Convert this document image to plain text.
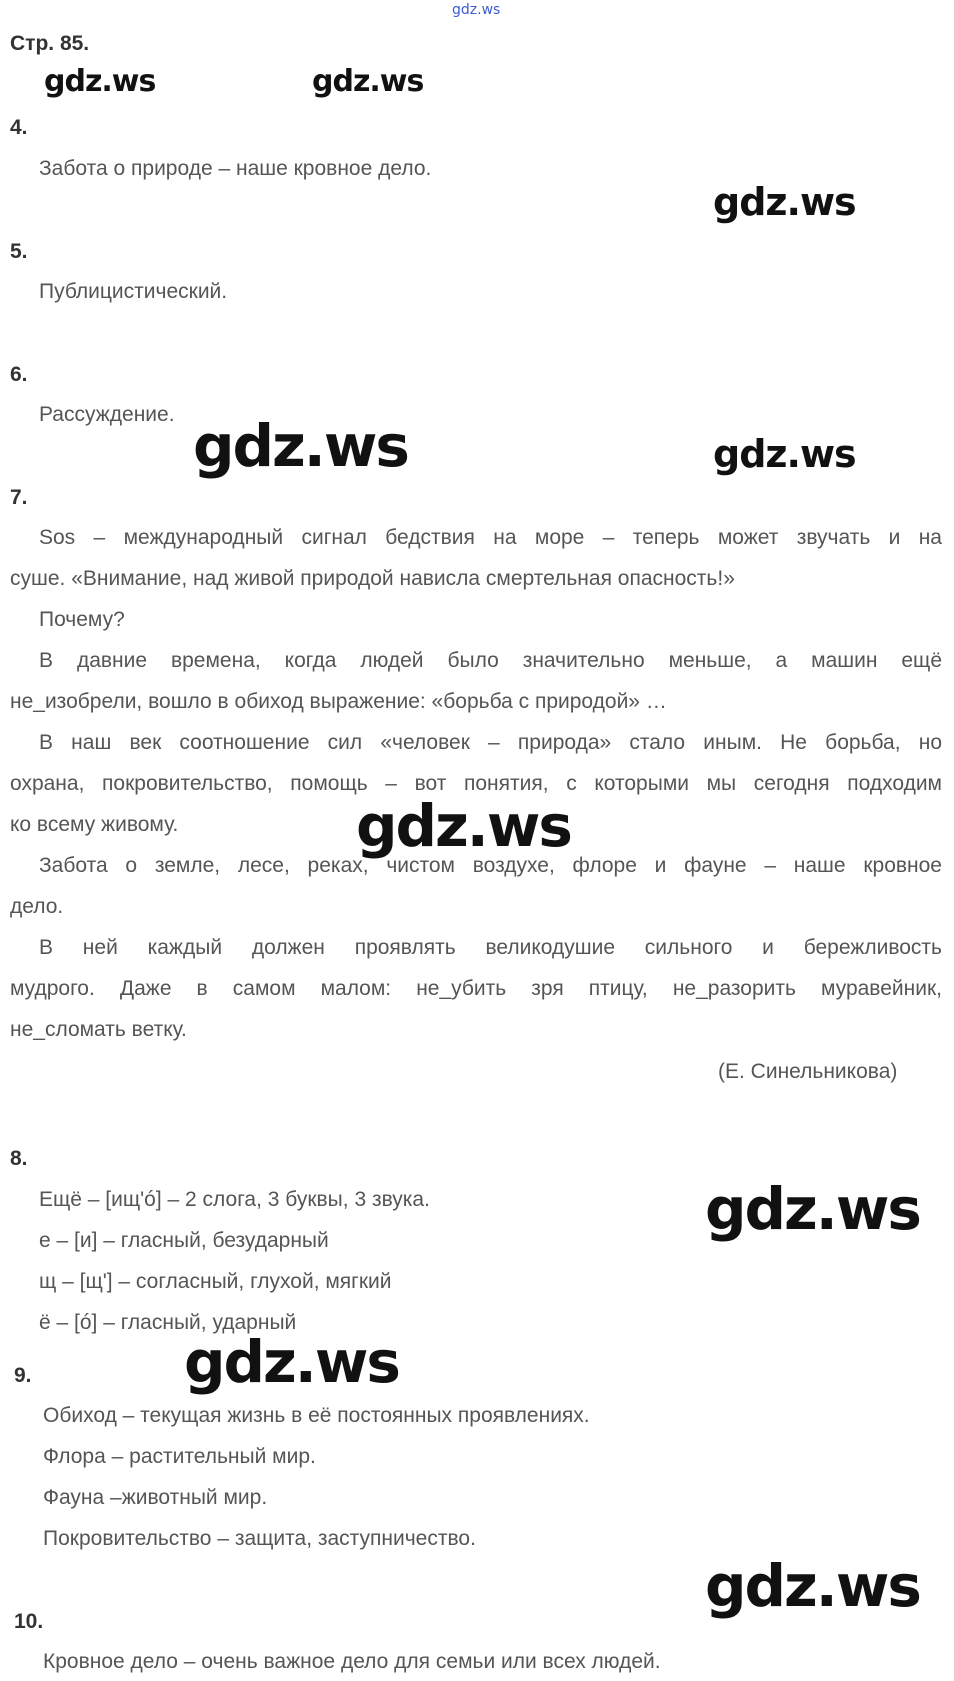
gdz.ws
Стр. 85.
gdz.ws	gdz.ws
gdz.ws
gdz.ws	gdz.ws
gdz.ws
gdz.ws
gdz.ws
gdz.ws
4.
Забота о природе – наше кровное дело.
5.
Публицистический.
6.
Рассуждение.
7.
Sos – международный сигнал бедствия на море – теперь может звучать и на
суше. «Внимание, над живой природой нависла смертельная опасность!»
Почему?
В давние времена, когда людей было значительно меньше, а машин ещё
не_изобрели, вошло в обиход выражение: «борьба с природой» …
В наш век соотношение сил «человек – природа» стало иным. Не борьба, но
охрана, покровительство, помощь – вот понятия, с которыми мы сегодня подходим
ко всему живому.
Забота о земле, лесе, реках, чистом воздухе, флоре и фауне – наше кровное
дело.
В ней каждый должен проявлять великодушие сильного и бережливость
мудрого. Даже в самом малом: не_убить зря птицу, не_разорить муравейник,
не_сломать ветку.
(Е. Синельникова)
8.
Ещё – [ищ'ó] – 2 слога, 3 буквы, 3 звука.
е – [и] – гласный, безударный
щ – [щ'] – согласный, глухой, мягкий
ё – [ó] – гласный, ударный
9.
Обиход – текущая жизнь в её постоянных проявлениях.
Флора – растительный мир.
Фауна –животный мир.
Покровительство – защита, заступничество.
10.
Кровное дело – очень важное дело для семьи или всех людей.
